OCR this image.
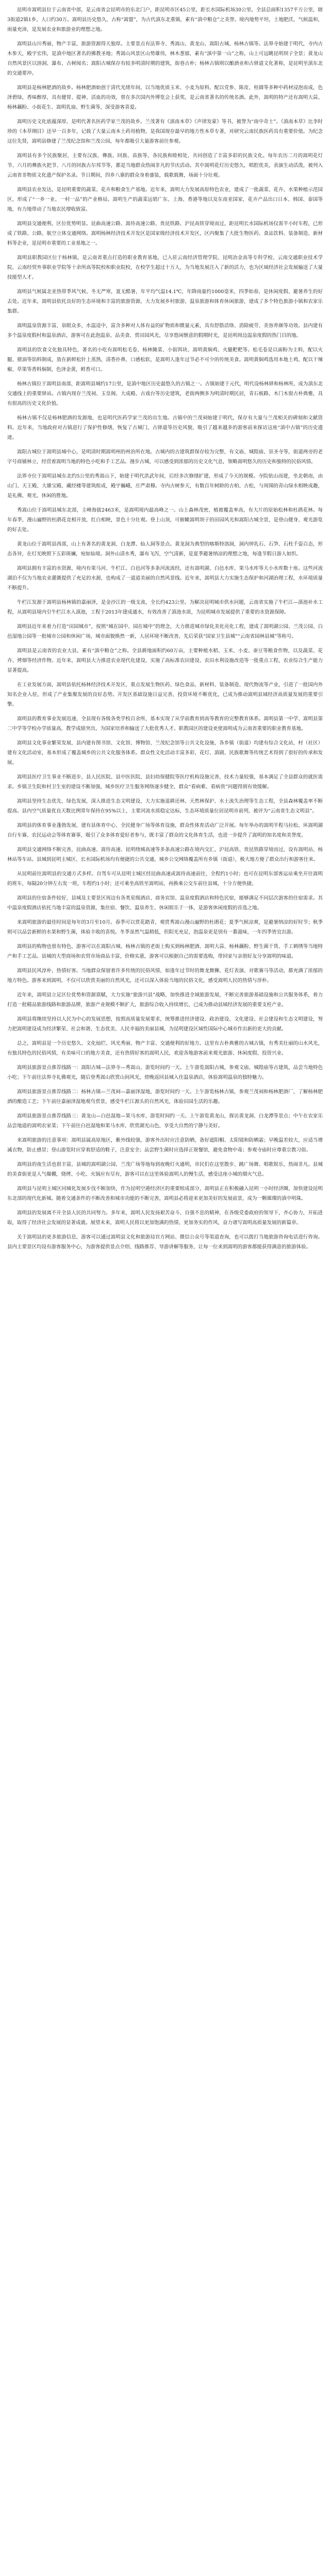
昆明市嵩明县位于云南省中部，是云南省会昆明市的东北门户，距昆明市区45公里，距长水国际机场30公里。全县总面积1357平方公里，辖3街道2镇1乡，人口约30万。嵩明县历史悠久，古称“嵩盟”，为古代滇东北重镇，素有“滇中粮仓”之美誉。境内地势平坦，土地肥沃，气候温和，雨量充沛，是发展农业和旅游业的理想之地。

嵩明县山川秀丽，物产丰富，旅游资源得天独厚。主要景点有法界寺、秀嵩山、黄龙山、嵩阳古城、杨林古镇等。法界寺始建于明代，寺内古木参天，殿宇宏伟，是滇中地区著名的佛教圣地；秀嵩山风景区山势雄伟，林木葱郁，素有“滇中第一山”之称，山上可远眺昆明坝子全景；黄龙山自然风景区以溶洞、瀑布、古树闻名；嵩阳古城保存有较多明清时期的建筑，街巷古朴；杨林古镇则以酿酒业和古驿道文化著称，是昆明至滇东北的交通要冲。

嵩明县是杨林肥酒的故乡。杨林肥酒始创于清代光绪年间，以当地优质玉米、小麦为原料，配以党参、陈皮、桂圆等多种中药材浸泡而成，色泽碧绿，香味醇厚，具有健胃、提神、活血的功效，曾在多次国内外博览会上获奖，是云南省著名的传统名酒。此外，嵩明的特产还有嵩明大蒜、杨林藕粉、小街花生、嵩明乳扇、野生菌等，深受游客喜爱。

嵩明历史文化底蕴深厚，是明代著名医药学家兰茂的故乡。兰茂著有《滇南本草》《声律发蒙》等书，被誉为“南中奇士”。《滇南本草》比李时珍的《本草纲目》还早一百多年，记载了大量云南本土药用植物，是我国现存最早的地方性本草专著，对研究云南民族医药具有重要价值。为纪念这位先贤，嵩明县修建了兰茂纪念馆和兰茂公园，每年都吸引大量游客前往参观。

嵩明县有多个民族聚居，主要有汉族、彝族、回族、苗族等，各民族和睦相处，共同创造了丰富多彩的民族文化。每年农历二月的嵩明花灯节、六月的彝族火把节、八月的回族古尔邦节等，都是当地群众热闹非凡的节庆活动。其中嵩明花灯历史悠久，唱腔优美，表演生动活泼，被列入云南省非物质文化遗产保护名录。节日期间，四乡八寨的群众身着盛装，载歌载舞，场面十分壮观。

嵩明县农业发达，是昆明重要的蔬菜、花卉和粮食生产基地。近年来，嵩明大力发展高原特色农业，建成了一批蔬菜、花卉、水果种植示范园区，形成了“一乡一业、一村一品”的产业格局。嵩明生产的蔬菜远销广东、上海、香港等地以及东南亚国家，花卉产品出口日本、韩国、泰国等地，有力地带动了当地农民增收致富。

嵩明县交通便利，区位优势明显。昆曲高速公路、嵩待高速公路、贵昆铁路、沪昆高铁穿境而过，距昆明长水国际机场仅需半小时车程，已形成了铁路、公路、航空立体交通网络。嵩明杨林经济技术开发区是国家级经济技术开发区，区内聚集了大批生物医药、食品饮料、装备制造、新材料等企业，是昆明市重要的工业基地之一。

嵩明县职教园区位于杨林镇，是云南省重点打造的职业教育基地，已入驻云南经济管理学院、昆明冶金高等专科学校、云南交通职业技术学院、云南经贸外事职业学院等十余所高等院校和职业院校，在校学生超过十万人，为当地发展注入了新的活力，也为区域经济社会发展输送了大量技能型人才。

嵩明县气候属北亚热带季风气候，冬无严寒，夏无酷暑，年平均气温14.1℃，年降雨量约1000毫米，四季如春，是休闲度假、避暑养生的好去处。近年来，嵩明县依托良好的生态环境和丰富的旅游资源，大力发展乡村旅游、温泉旅游和体育休闲旅游，建成了多个特色旅游小镇和农家乐集群。

嵩明温泉资源丰富，泉眼众多，水温适中，富含多种对人体有益的矿物质和微量元素，具有舒筋活络、消除疲劳、美容养颜等功效。县内建有多个温泉度假村和温泉酒店，游客可在此泡温泉、品美食、赏田园风光，尽享悠闲惬意的假期时光，是昆明周边温泉度假的热门目的地。

嵩明县的饮食文化独具特色，著名的小吃有嵩明松毛卷、杨林腌菜、小街饵块、嵩明黄焖鸡、火腿粑粑等。松毛卷是以面粉为主料，配以火腿、猪油等馅料制成，放在新鲜松针上蒸熟，清香扑鼻，口感松软，是嵩明人逢年过节必不可少的传统美食。嵩明黄焖鸡选用本地土鸡，配以干辣椒、草果等香料焖制，色泽金黄，鲜香可口。

杨林古镇位于嵩明县南部，距嵩明县城约17公里，是滇中地区历史最悠久的古镇之一。古镇始建于元代，明代设杨林驿和杨林所，成为滇东北交通线上的重要驿站。古镇内现存兰茂祠、玉皇阁、大成殿、古戏台等历史建筑，老街两侧多为明清时期民居，青石板路、木门木窗古朴典雅，具有很高的历史文化价值。

杨林古镇不仅是杨林肥酒的发源地，也是明代医药学家兰茂的出生地。古镇中的兰茂祠始建于明代，保存有大量与兰茂相关的碑刻和文献资料。近年来，当地政府对古镇进行了保护性修缮，恢复了古城门、古驿道等历史风貌，吸引了越来越多的游客前来探访这座“滇中古镇”的历史遗迹。

嵩阳古城位于嵩明县城中心，是明清时期嵩明州的州治所在地。古城内的古建筑群保存较为完整，有文庙、城隍庙、崇圣寺等，街道两旁的老字号商铺林立，经营着嵩明当地的特色小吃和手工艺品。漫步古城，可以感受到浓郁的历史文化气息，领略嵩明悠久的历史和独特的民俗风情。

法界寺位于嵩明县城东北约5公里的秀嵩山下，始建于明代洪武年间，后经多次修缮扩建，形成了今天的规模。寺院依山而建，坐北朝南，由山门、天王殿、大雄宝殿、藏经楼等建筑组成，殿宇巍峨，庄严肃穆。寺内古树参天，有数百年树龄的古柏、古松，与周围的青山绿水相映成趣，是礼佛、观光、休闲的胜地。

秀嵩山位于嵩明县城东北部，主峰海拔2463米，是嵩明境内最高峰之一。山上森林茂密，植被覆盖率高，有大片的原始松林和杜鹃花林。每年春季，漫山遍野的杜鹃花竞相开放，红白相映，景色十分壮观。登上山顶，可俯瞰嵩明坝子的田园风光和嵩阳古城全景，是登山健身、观光游览的好去处。

黄龙山位于嵩明县西部，山上有著名的黄龙洞、白龙潭、仙人洞等景点。黄龙洞为典型的喀斯特溶洞，洞内钟乳石、石笋、石柱千姿百态，形态各异，在灯光映照下五彩斑斓，宛如仙境。洞外山清水秀，瀑布飞泻，空气清新，是夏季避暑纳凉的理想之地，每逢节假日游人如织。

嵩明县拥有丰富的水资源，境内有果马河、牛栏江、白邑河等多条河流流经，还有嵩明湖、白邑水库、果马水库等大小水库数十座。这些河流湖泊不仅为当地农业灌溉提供了充足的水源，也构成了一道道美丽的自然风景线。近年来，嵩明县大力实施生态保护和河湖治理工程，水环境质量不断提升。

牛栏江发源于嵩明县杨林镇的嘉丽泽，是金沙江的一级支流，全长约423公里。为解决昆明城市供水问题，云南省实施了牛栏江—滇池补水工程，从嵩明县境内引牛栏江水入滇池，工程于2013年建成通水，有效改善了滇池水质，为昆明城市发展提供了重要的水资源保障。

嵩明县近年来着力打造“田园城市”，按照“城在园中、园在城中”的理念，大力推进城市绿化美化亮化工程，建成了嵩明湖公园、兰茂公园、白邑湿地公园等一批城市公园和休闲广场，城市面貌焕然一新，人居环境不断改善，先后荣获“国家卫生县城”“云南省园林县城”等称号。

嵩明县是云南省的农业大县，素有“滇中粮仓”之称。全县耕地面积约60万亩，主要种植水稻、玉米、小麦、蚕豆等粮食作物，以及蔬菜、花卉、烤烟等经济作物。近年来，嵩明县大力推进农业现代化建设，实施了高标准农田建设、农田水利设施改造等一批重点工程，农业综合生产能力显著提高。

在工业发展方面，嵩明县依托杨林经济技术开发区，重点发展生物医药、绿色食品、新材料、装备制造、现代物流等产业，引进了一批国内外知名企业入驻，形成了产业集聚发展的良好态势。开发区基础设施日益完善，投资环境不断优化，已成为推动嵩明县域经济高质量发展的重要引擎。

嵩明县的教育事业发展迅速，全县现有各级各类学校百余所，基本实现了从学前教育到高等教育的完整教育体系。嵩明县第一中学、嵩明县第二中学等学校办学质量高，教学成绩突出，为国家培养和输送了大批优秀人才。职教园区的建设更使嵩明成为云南省重要的职业教育基地。

嵩明县文化事业繁荣发展，县内建有图书馆、文化馆、博物馆、兰茂纪念馆等公共文化设施，各乡镇（街道）均建有综合文化站，村（社区）建有文化活动室，基本形成了覆盖城乡的公共文化服务体系。群众性文化活动丰富多彩，花灯、滇剧、民族歌舞等传统艺术得到了很好的传承和发展。

嵩明县医疗卫生事业不断进步，县人民医院、县中医医院、县妇幼保健院等医疗机构设施完善，技术力量较强，基本满足了全县群众的就医需求。乡镇卫生院和村卫生室的建设不断加强，城乡医疗卫生服务网络逐步健全，群众“看病难、看病贵”问题得到有效缓解。

嵩明县坚持生态优先、绿色发展，深入推进生态文明建设，大力实施退耕还林、天然林保护、水土流失治理等生态工程，全县森林覆盖率不断提高。县内空气质量优良天数比例常年保持在95%以上，主要河流水质稳定达标，生态环境质量位居昆明市前列，被评为“云南省生态文明县”。

嵩明县的体育事业蓬勃发展，建有县体育中心、全民健身广场等体育设施，群众性体育活动广泛开展。每年举办的嵩明半程马拉松、环嵩明湖自行车赛、农民运动会等体育赛事，吸引了众多体育爱好者参与，既丰富了群众的文化体育生活，也进一步提升了嵩明的知名度和美誉度。

嵩明县交通网络不断完善，昆曲高速、嵩待高速、昆明绕城高速等多条高速公路在境内交汇，沪昆高铁、贵昆铁路穿境而过，设有嵩明站、杨林站等车站。县城到昆明主城区、长水国际机场均有便捷的公共交通，城乡公交网络覆盖所有乡镇（街道），极大地方便了群众出行和游客往来。

从昆明前往嵩明县的交通方式多样。自驾车可从昆明主城区经昆曲高速或嵩待高速前往，全程约1小时；也可在昆明东部客运站乘坐开往嵩明的班车，每隔20分钟左右发一班，车程约1小时；还可乘坐高铁至嵩明站，再换乘公交车前往县城，十分方便快捷。

嵩明县的住宿条件较好，县城及主要景区周边有各类星级酒店、商务宾馆、温泉度假酒店和特色民宿，能够满足不同层次游客的住宿需求。其中温泉度假酒店依托当地丰富的温泉资源，集住宿、餐饮、温泉养生、休闲娱乐于一体，是游客休闲度假的首选之地。

来嵩明旅游的最佳时间是每年的3月至10月。春季可以赏花踏青，观赏秀嵩山漫山遍野的杜鹃花；夏季气候凉爽，是避暑纳凉的好时节；秋季则可以品尝新鲜的水果和野生菌，体验丰收的喜悦。冬季虽然气温稍低，但阳光充足，泡温泉更是别有一番滋味，一年四季皆宜出游。

嵩明县的购物也很有特色，游客可以在嵩阳古城、杨林古镇的老街上购买到杨林肥酒、嵩明大蒜、杨林藕粉、野生菌干货、手工刺绣等当地特产和手工艺品。县城的大型商场和农贸市场商品丰富，价格实惠，游客可以根据自己的需要选购，带回家与亲朋好友分享嵩明的味道。

嵩明县民风淳朴，热情好客。当地群众保留着许多传统的民俗风情，如逢年过节时的舞龙舞狮、花灯表演、对歌赛马等活动，都充满了浓郁的地方特色。游客来到嵩明，不仅可以欣赏美丽的自然风光，还可以深入体验当地的民俗文化，感受嵩明人民的热情与淳朴。

近年来，嵩明县立足区位优势和资源禀赋，大力实施“旅游兴县”战略，加快推进全域旅游发展，不断完善旅游基础设施和公共服务体系，着力打造一批精品旅游线路和旅游品牌，旅游产业规模不断扩大，旅游综合收入持续增长，已成为推动县域经济发展的重要支柱产业。

嵩明县将继续坚持以人民为中心的发展思想，按照高质量发展要求，统筹推进经济建设、政治建设、文化建设、社会建设和生态文明建设，努力把嵩明建设成为经济繁荣、社会和谐、生态优美、人民幸福的美丽县城，为昆明建设区域性国际中心城市作出新的更大的贡献。

总之，嵩明县是一个历史悠久、文化灿烂、风光秀丽、物产丰富、交通便利的好地方。这里有古朴典雅的古城古镇，有秀美壮丽的山水风光，有独具特色的民俗风情，有美味可口的地方美食，还有热情好客的嵩明人民，欢迎各地游客前来观光旅游、休闲度假、投资兴业。

嵩明县旅游景点推荐线路一：嵩阳古城—法界寺—秀嵩山，游览时间约一天。上午游览嵩阳古城，参观文庙、城隍庙等古建筑，品尝当地特色小吃；下午前往法界寺礼佛观光，随后登秀嵩山欣赏山间风光，傍晚返回县城入住温泉酒店，体验嵩明温泉的独特魅力。

嵩明县旅游景点推荐线路二：杨林古镇—兰茂祠—嘉丽泽湿地，游览时间约一天。上午游览杨林古镇，参观兰茂祠和杨林肥酒厂，了解杨林肥酒的酿造工艺；下午前往嘉丽泽湿地观鸟赏景，感受牛栏江源头的自然风光，体验田园生活的乐趣。

嵩明县旅游景点推荐线路三：黄龙山—白邑湿地—果马水库，游览时间约一天。上午游览黄龙山，探访黄龙洞、白龙潭等景点；中午在农家乐品尝地道的嵩明农家菜；下午前往白邑湿地和果马水库，欣赏湖光山色，享受大自然的宁静与美好。

来嵩明旅游的注意事项：嵩明县属高原地区，紫外线较强，游客外出时应注意防晒，备好遮阳帽、太阳镜和防晒霜；早晚温差较大，应适当增减衣物，防止感冒；登山游览时应穿着舒适的鞋子，注意安全；品尝野生菌时应选择正规餐馆，避免食物中毒；参观寺庙时应尊重宗教习俗。

嵩明县的夜生活也很丰富，县城的嵩明湖公园、兰茂广场等地每到夜晚灯火通明，市民们在这里散步、跳广场舞、唱歌娱乐，热闹非凡。县城的美食街更是人气爆棚，烧烤、小吃、火锅应有尽有，游客可以在这里体验嵩明人的慢生活，感受这座小城的烟火气息。

嵩明县与昆明主城区同城化发展步伐不断加快，作为昆明空港经济区的重要组成部分，嵩明县正在积极融入昆明一小时经济圈，加快建设昆明东北部的现代化新城。随着交通条件的不断改善和城市功能的不断完善，嵩明县必将迎来更加美好的发展前景，成为一颗璀璨的滇中明珠。

嵩明县的发展离不开全县人民的共同努力。多年来，嵩明人民发扬艰苦奋斗、自强不息的精神，在各级党委政府的领导下，齐心协力，开拓进取，取得了经济社会发展的显著成就。展望未来，嵩明人民将以更加饱满的热情、更加务实的作风，奋力谱写嵩明高质量发展的新篇章。

关于嵩明县的更多旅游信息，游客可以通过嵩明县文化和旅游局官方网站、微信公众号等渠道查询，也可以拨打当地旅游咨询电话进行咨询。县内主要景区均设有游客服务中心，为游客提供景点介绍、线路推荐、导游讲解等服务，让每一位来到嵩明的游客都能获得满意的旅游体验。
